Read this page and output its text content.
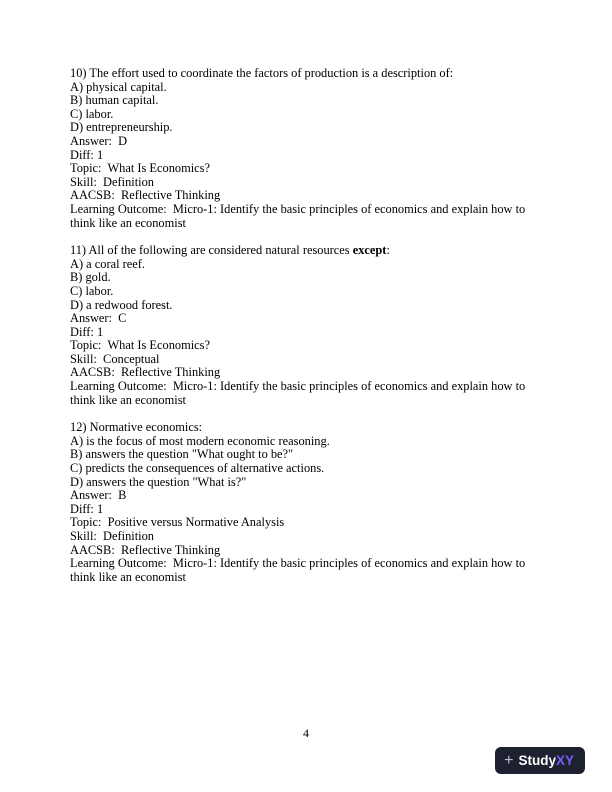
10) The effort used to coordinate the factors of production is a description of:
A) physical capital.
B) human capital.
C) labor.
D) entrepreneurship.
Answer:  D
Diff: 1
Topic:  What Is Economics?
Skill:  Definition
AACSB:  Reflective Thinking
Learning Outcome:  Micro-1: Identify the basic principles of economics and explain how to think like an economist
11) All of the following are considered natural resources except:
A) a coral reef.
B) gold.
C) labor.
D) a redwood forest.
Answer:  C
Diff: 1
Topic:  What Is Economics?
Skill:  Conceptual
AACSB:  Reflective Thinking
Learning Outcome:  Micro-1: Identify the basic principles of economics and explain how to think like an economist
12) Normative economics:
A) is the focus of most modern economic reasoning.
B) answers the question "What ought to be?"
C) predicts the consequences of alternative actions.
D) answers the question "What is?"
Answer:  B
Diff: 1
Topic:  Positive versus Normative Analysis
Skill:  Definition
AACSB:  Reflective Thinking
Learning Outcome:  Micro-1: Identify the basic principles of economics and explain how to think like an economist
4
+ StudyXY
